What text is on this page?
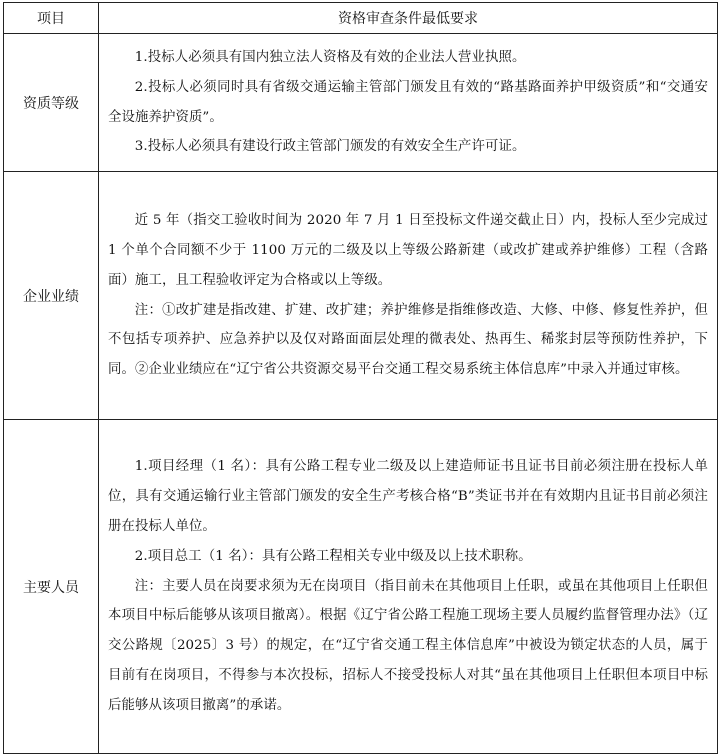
项目	资格审查条件最低要求
资质等级	1.投标人必须具有国内独立法人资格及有效的企业法人营业执照。

2.投标人必须同时具有省级交通运输主管部门颁发且有效的“路基路面养护甲级资质”和“交通安全设施养护资质”。

3.投标人必须具有建设行政主管部门颁发的有效安全生产许可证。

企业业绩	近 5 年（指交工验收时间为 2020 年 7 月 1 日至投标文件递交截止日）内，投标人至少完成过 1 个单个合同额不少于 1100 万元的二级及以上等级公路新建（或改扩建或养护维修）工程（含路面）施工，且工程验收评定为合格或以上等级。

注：①改扩建是指改建、扩建、改扩建；养护维修是指维修改造、大修、中修、修复性养护，但不包括专项养护、应急养护以及仅对路面面层处理的微表处、热再生、稀浆封层等预防性养护，下同。②企业业绩应在“辽宁省公共资源交易平台交通工程交易系统主体信息库”中录入并通过审核。

主要人员	1.项目经理（1 名）：具有公路工程专业二级及以上建造师证书且证书目前必须注册在投标人单位，具有交通运输行业主管部门颁发的安全生产考核合格“B”类证书并在有效期内且证书目前必须注册在投标人单位。

2.项目总工（1 名）：具有公路工程相关专业中级及以上技术职称。

注：主要人员在岗要求须为无在岗项目（指目前未在其他项目上任职，或虽在其他项目上任职但本项目中标后能够从该项目撤离）。根据《辽宁省公路工程施工现场主要人员履约监督管理办法》（辽交公路规〔2025〕3 号）的规定，在“辽宁省交通工程主体信息库”中被设为锁定状态的人员，属于目前有在岗项目，不得参与本次投标，招标人不接受投标人对其“虽在其他项目上任职但本项目中标后能够从该项目撤离”的承诺。
